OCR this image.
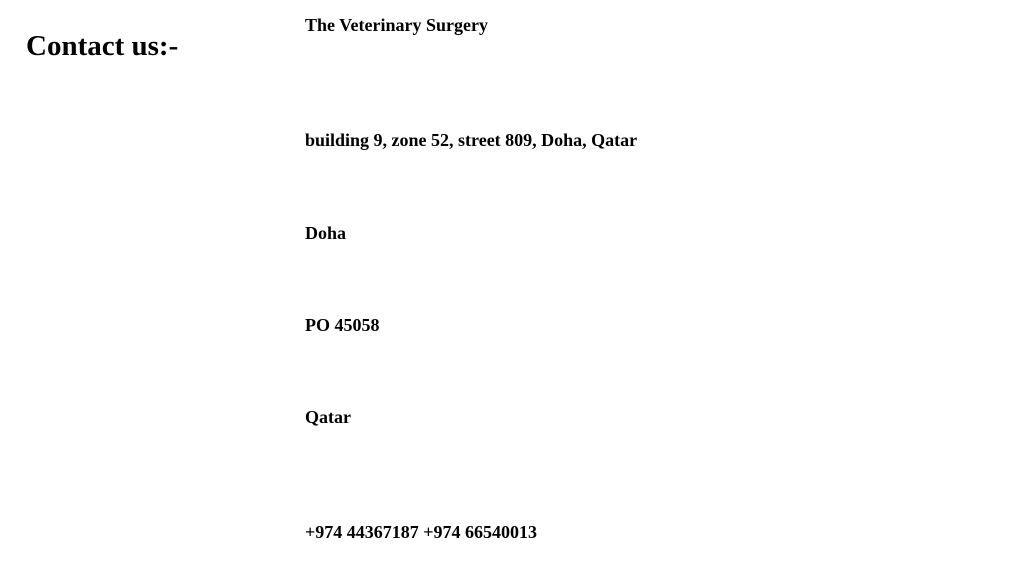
Contact us:-

The Veterinary Surgery

building 9, zone 52, street 809, Doha, Qatar

Doha

PO 45058

Qatar

+974 44367187 +974 66540013
